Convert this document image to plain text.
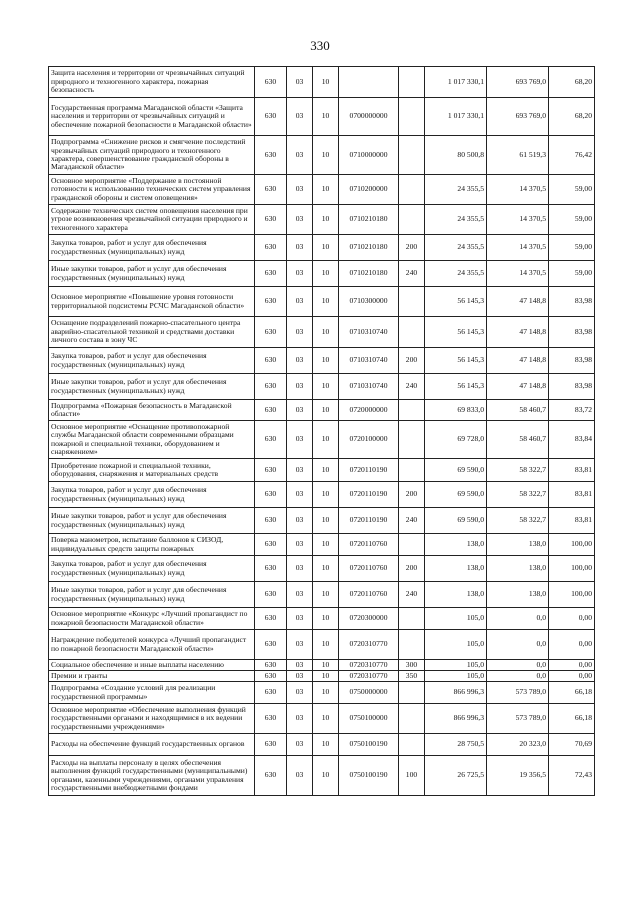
330
Защита населения и территории от чрезвычайных ситуаций природного и техногенного характера, пожарная безопасность	630	03	10			1 017 330,1	693 769,0	68,20
Государственная программа Магаданской области «Защита населения и территории от чрезвычайных ситуаций и обеспечение пожарной безопасности в Магаданской области»	630	03	10	0700000000		1 017 330,1	693 769,0	68,20
Подпрограмма «Снижение рисков и смягчение последствий чрезвычайных ситуаций природного и техногенного характера, совершенствование гражданской обороны в Магаданской области»	630	03	10	0710000000		80 500,8	61 519,3	76,42
Основное мероприятие «Поддержание в постоянной готовности к использованию технических систем управления гражданской обороны и систем оповещения»	630	03	10	0710200000		24 355,5	14 370,5	59,00
Содержание технических систем оповещения населения при угрозе возникновения чрезвычайной ситуации природного и техногенного характера	630	03	10	0710210180		24 355,5	14 370,5	59,00
Закупка товаров, работ и услуг для обеспечения государственных (муниципальных) нужд	630	03	10	0710210180	200	24 355,5	14 370,5	59,00
Иные закупки товаров, работ и услуг для обеспечения государственных (муниципальных) нужд	630	03	10	0710210180	240	24 355,5	14 370,5	59,00
Основное мероприятие «Повышение уровня готовности территориальной подсистемы РСЧС Магаданской области»	630	03	10	0710300000		56 145,3	47 148,8	83,98
Оснащение подразделений пожарно-спасательного центра аварийно-спасательной техникой и средствами доставки личного состава в зону ЧС	630	03	10	0710310740		56 145,3	47 148,8	83,98
Закупка товаров, работ и услуг для обеспечения государственных (муниципальных) нужд	630	03	10	0710310740	200	56 145,3	47 148,8	83,98
Иные закупки товаров, работ и услуг для обеспечения государственных (муниципальных) нужд	630	03	10	0710310740	240	56 145,3	47 148,8	83,98
Подпрограмма «Пожарная безопасность в Магаданской области»	630	03	10	0720000000		69 833,0	58 460,7	83,72
Основное мероприятие «Оснащение противопожарной службы Магаданской области современными образцами пожарной и специальной техники, оборудованием и снаряжением»	630	03	10	0720100000		69 728,0	58 460,7	83,84
Приобретение пожарной и специальной техники, оборудования, снаряжения и материальных средств	630	03	10	0720110190		69 590,0	58 322,7	83,81
Закупка товаров, работ и услуг для обеспечения государственных (муниципальных) нужд	630	03	10	0720110190	200	69 590,0	58 322,7	83,81
Иные закупки товаров, работ и услуг для обеспечения государственных (муниципальных) нужд	630	03	10	0720110190	240	69 590,0	58 322,7	83,81
Поверка манометров, испытание баллонов к СИЗОД, индивидуальных средств защиты пожарных	630	03	10	0720110760		138,0	138,0	100,00
Закупка товаров, работ и услуг для обеспечения государственных (муниципальных) нужд	630	03	10	0720110760	200	138,0	138,0	100,00
Иные закупки товаров, работ и услуг для обеспечения государственных (муниципальных) нужд	630	03	10	0720110760	240	138,0	138,0	100,00
Основное мероприятие «Конкурс «Лучший пропагандист по пожарной безопасности Магаданской области»	630	03	10	0720300000		105,0	0,0	0,00
Награждение победителей конкурса «Лучший пропагандист по пожарной безопасности Магаданской области»	630	03	10	0720310770		105,0	0,0	0,00
Социальное обеспечение и иные выплаты населению	630	03	10	0720310770	300	105,0	0,0	0,00
Премии и гранты	630	03	10	0720310770	350	105,0	0,0	0,00
Подпрограмма «Создание условий для реализации государственной программы»	630	03	10	0750000000		866 996,3	573 789,0	66,18
Основное мероприятие «Обеспечение выполнения функций государственными органами и находящимися в их ведении государственными учреждениями»	630	03	10	0750100000		866 996,3	573 789,0	66,18
Расходы на обеспечение функций государственных органов	630	03	10	0750100190		28 750,5	20 323,0	70,69
Расходы на выплаты персоналу в целях обеспечения выполнения функций государственными (муниципальными) органами, казенными учреждениями, органами управления государственными внебюджетными фондами	630	03	10	0750100190	100	26 725,5	19 356,5	72,43
